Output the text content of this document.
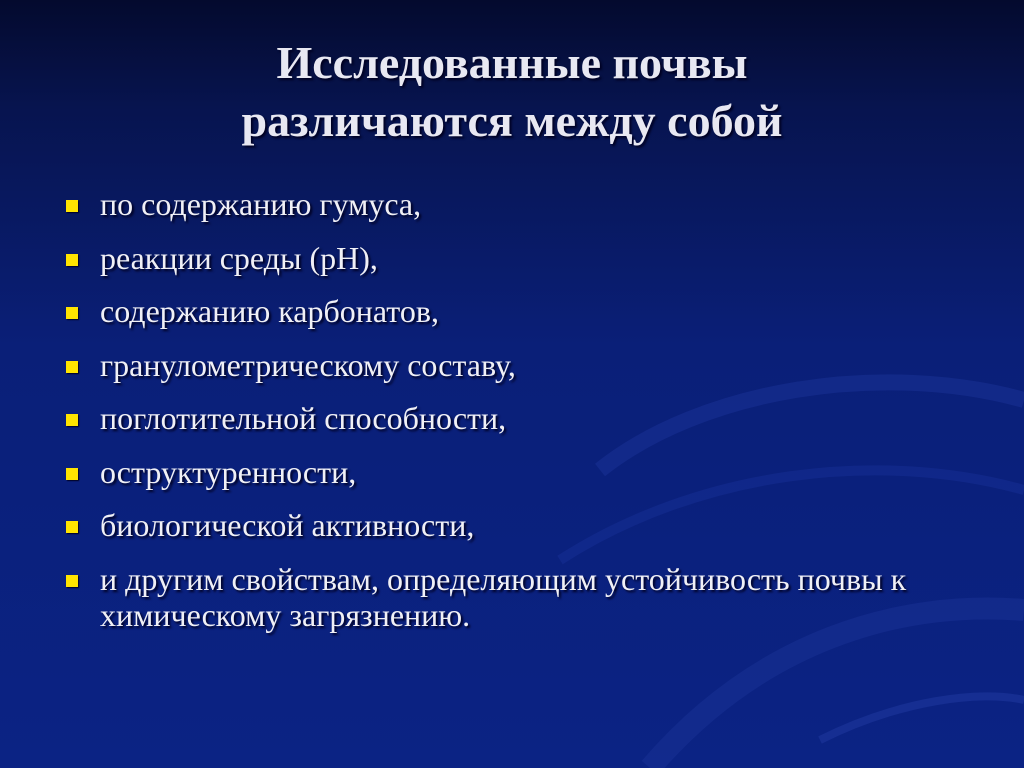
Исследованные почвы
различаются между собой
по содержанию гумуса,
реакции среды (рН),
содержанию карбонатов,
гранулометрическому составу,
поглотительной способности,
оструктуренности,
биологической активности,
и другим свойствам, определяющим устойчивость почвы к химическому загрязнению.
